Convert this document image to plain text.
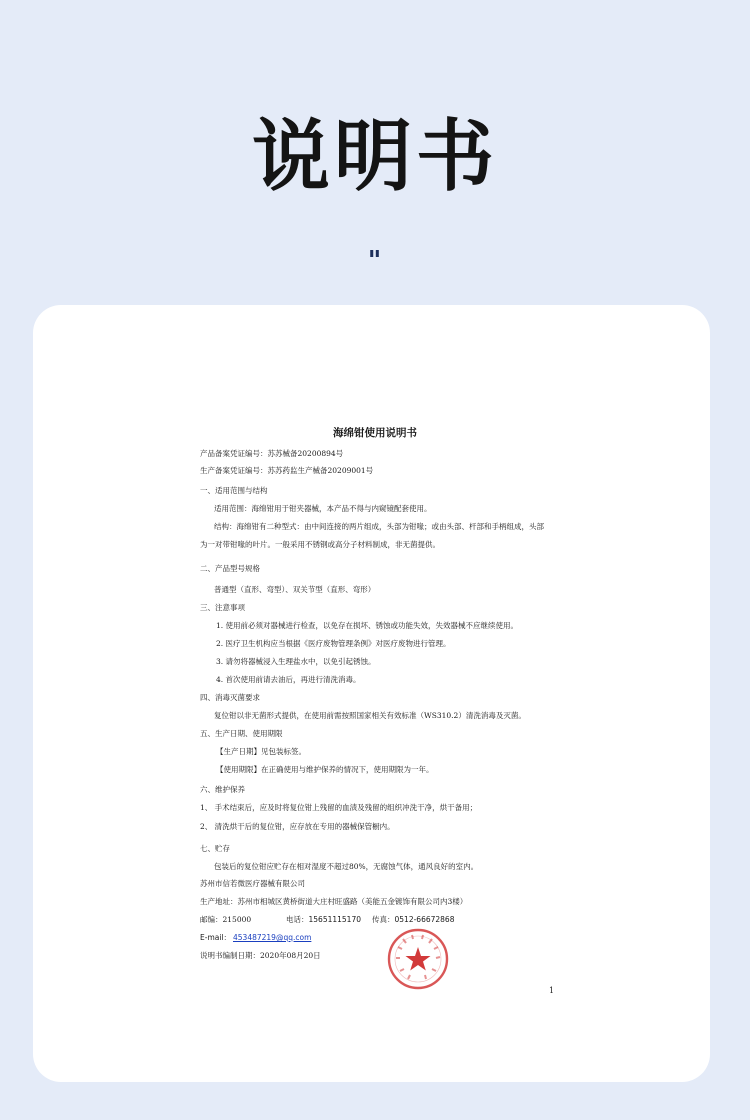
说明书
"
海绵钳使用说明书
产品备案凭证编号：苏苏械备20200894号
生产备案凭证编号：苏苏药监生产械备20209001号
一、适用范围与结构
适用范围：海绵钳用于钳夹器械，本产品不得与内窥镜配套使用。
结构：海绵钳有二种型式：由中间连接的两片组成，头部为钳喙；或由头部、杆部和手柄组成，头部
为一对带钳喙的叶片。一般采用不锈钢或高分子材料制成，非无菌提供。
二、产品型号规格
普通型（直形、弯型）、双关节型（直形、弯形）
三、注意事项
1. 使用前必须对器械进行检查，以免存在损坏、锈蚀或功能失效，失效器械不应继续使用。
2. 医疗卫生机构应当根据《医疗废物管理条例》对医疗废物进行管理。
3. 请勿将器械浸入生理盐水中，以免引起锈蚀。
4. 首次使用前请去油后，再进行清洗消毒。
四、消毒灭菌要求
复位钳以非无菌形式提供，在使用前需按照国家相关有效标准（WS310.2）清洗消毒及灭菌。
五、生产日期、使用期限
【生产日期】见包装标签。
【使用期限】在正确使用与维护保养的情况下，使用期限为一年。
六、维护保养
1、 手术结束后，应及时将复位钳上残留的血渍及残留的组织冲洗干净，烘干备用；
2、 清洗烘干后的复位钳，应存放在专用的器械保管橱内。
七、贮存
包装后的复位钳应贮存在相对湿度不超过80%，无腐蚀气体，通风良好的室内。
苏州市信若微医疗器械有限公司
生产地址：苏州市相城区黄桥街道大庄村旺盛路（美能五金镀饰有限公司内3楼）
邮编：215000	电话：15651115170 传真：0512-66672868
E-mail： 453487219@qq.com
说明书编制日期：2020年08月20日
1
